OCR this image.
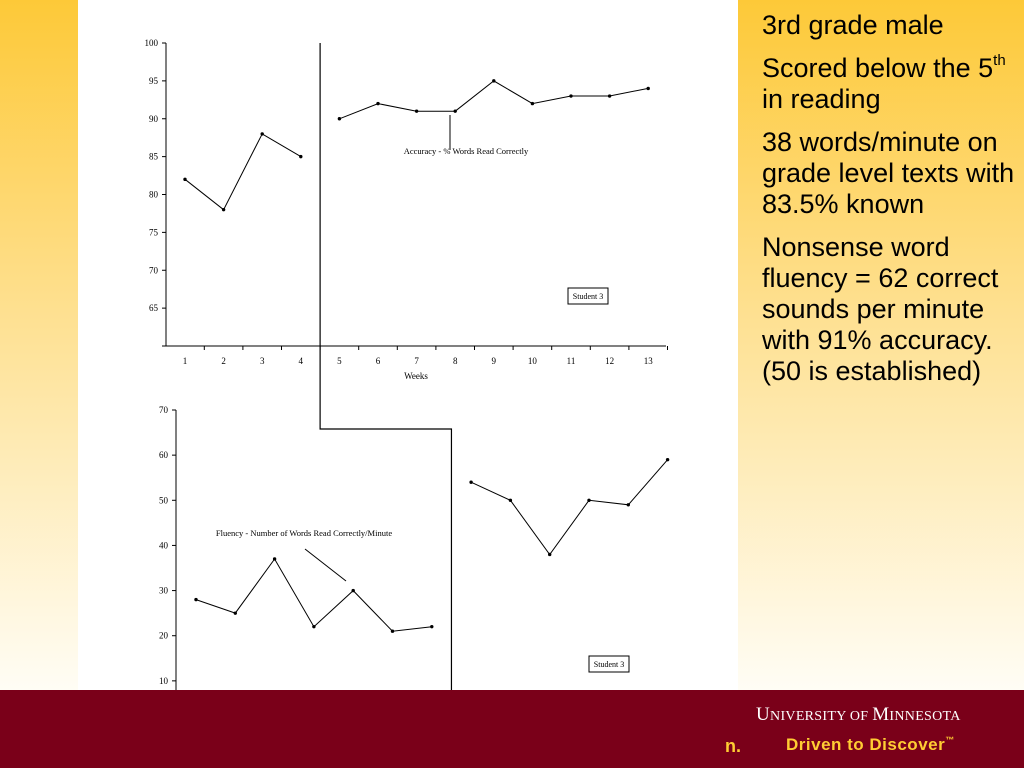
65
70
75
80
85
90
95
100
1	2	3	4	5	6	7	8	9	10	11	12	13
Weeks
Accuracy - % Words Read Correctly
Student 3
10
20
30
40
50
60
70
Fluency - Number of Words Read Correctly/Minute
Student 3

3rd grade male

Scored below the 5th in reading

38 words/minute on grade level texts with 83.5% known

Nonsense word fluency = 62 correct sounds per minute with 91% accuracy. (50 is established)

n.
UNIVERSITY OF MINNESOTA
Driven to Discover™
